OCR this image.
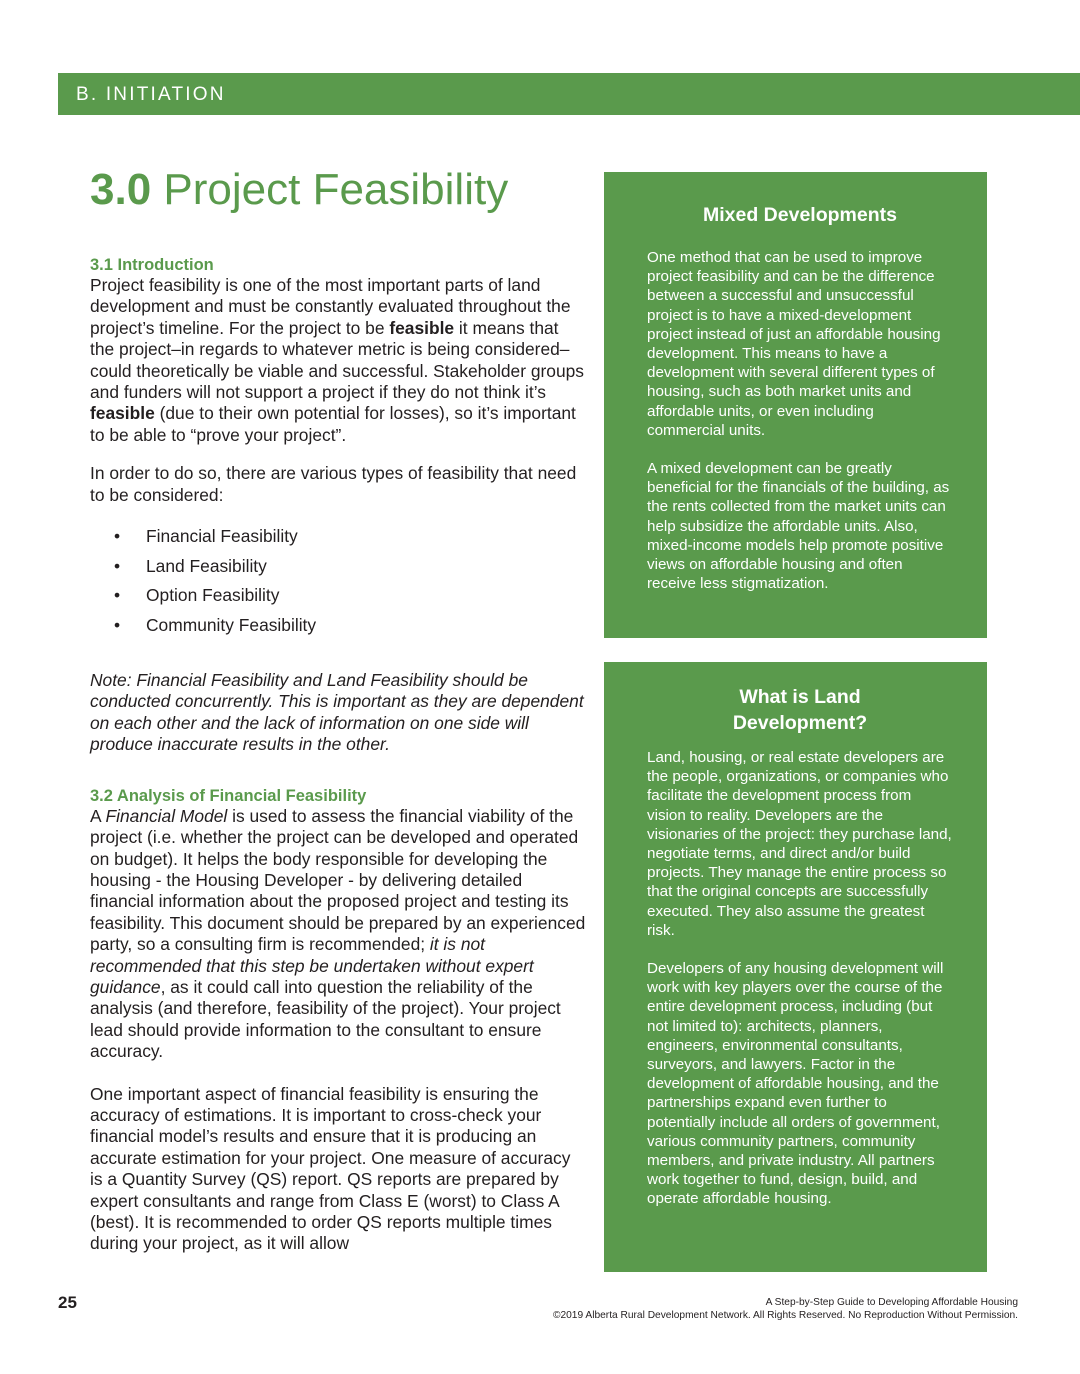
B. INITIATION
3.0 Project Feasibility

3.1 Introduction

Project feasibility is one of the most important parts of land development and must be constantly evaluated throughout the project’s timeline. For the project to be feasible it means that the project–in regards to whatever metric is being considered–could theoretically be viable and successful. Stakeholder groups and funders will not support a project if they do not think it’s feasible (due to their own potential for losses), so it’s important to be able to “prove your project”.

In order to do so, there are various types of feasibility that need to be considered:

• Financial Feasibility
• Land Feasibility
• Option Feasibility
• Community Feasibility

Note: Financial Feasibility and Land Feasibility should be conducted concurrently. This is important as they are dependent on each other and the lack of information on one side will produce inaccurate results in the other.

3.2 Analysis of Financial Feasibility

A Financial Model is used to assess the financial viability of the project (i.e. whether the project can be developed and operated on budget). It helps the body responsible for developing the housing - the Housing Developer - by delivering detailed financial information about the proposed project and testing its feasibility. This document should be prepared by an experienced party, so a consulting firm is recommended; it is not recommended that this step be undertaken without expert guidance, as it could call into question the reliability of the analysis (and therefore, feasibility of the project). Your project lead should provide information to the consultant to ensure accuracy.

One important aspect of financial feasibility is ensuring the accuracy of estimations. It is important to cross-check your financial model’s results and ensure that it is producing an accurate estimation for your project. One measure of accuracy is a Quantity Survey (QS) report. QS reports are prepared by expert consultants and range from Class E (worst) to Class A (best). It is recommended to order QS reports multiple times during your project, as it will allow

Mixed Developments

One method that can be used to improve project feasibility and can be the difference between a successful and unsuccessful project is to have a mixed-development project instead of just an affordable housing development. This means to have a development with several different types of housing, such as both market units and affordable units, or even including commercial units.

A mixed development can be greatly beneficial for the financials of the building, as the rents collected from the market units can help subsidize the affordable units. Also, mixed-income models help promote positive views on affordable housing and often receive less stigmatization.

What is Land Development?

Land, housing, or real estate developers are the people, organizations, or companies who facilitate the development process from vision to reality. Developers are the visionaries of the project: they purchase land, negotiate terms, and direct and/or build projects. They manage the entire process so that the original concepts are successfully executed. They also assume the greatest risk.

Developers of any housing development will work with key players over the course of the entire development process, including (but not limited to): architects, planners, engineers, environmental consultants, surveyors, and lawyers. Factor in the development of affordable housing, and the partnerships expand even further to potentially include all orders of government, various community partners, community members, and private industry. All partners work together to fund, design, build, and operate affordable housing.

25	A Step-by-Step Guide to Developing Affordable Housing
©2019 Alberta Rural Development Network. All Rights Reserved. No Reproduction Without Permission.
